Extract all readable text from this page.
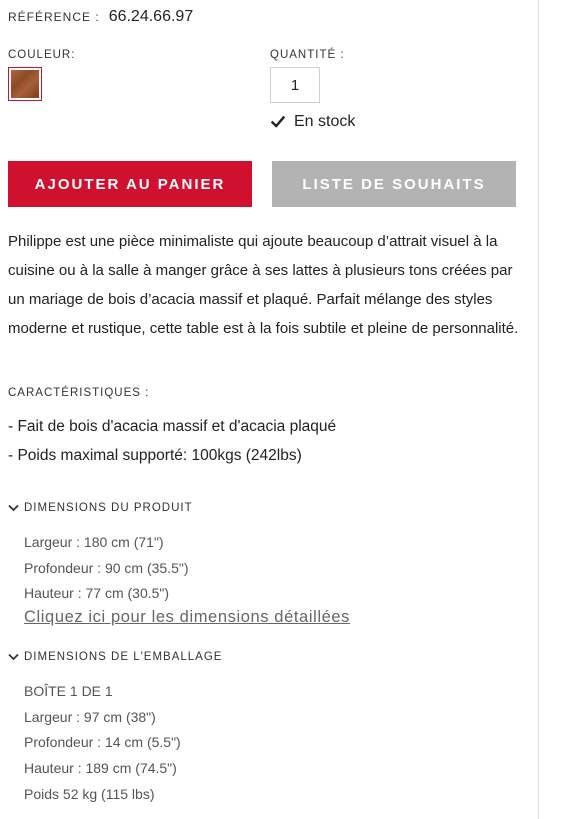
RÉFÉRENCE : 66.24.66.97
COULEUR:	QUANTITÉ :
1
En stock
AJOUTER AU PANIER	LISTE DE SOUHAITS
Philippe est une pièce minimaliste qui ajoute beaucoup d’attrait visuel à la cuisine ou à la salle à manger grâce à ses lattes à plusieurs tons créées par un mariage de bois d’acacia massif et plaqué. Parfait mélange des styles moderne et rustique, cette table est à la fois subtile et pleine de personnalité.
CARACTÉRISTIQUES :
- Fait de bois d'acacia massif et d'acacia plaqué
- Poids maximal supporté: 100kgs (242lbs)
DIMENSIONS DU PRODUIT
Largeur : 180 cm (71")
Profondeur : 90 cm (35.5")
Hauteur : 77 cm (30.5")
Cliquez ici pour les dimensions détaillées
DIMENSIONS DE L'EMBALLAGE
BOÎTE 1 DE 1
Largeur : 97 cm (38")
Profondeur : 14 cm (5.5")
Hauteur : 189 cm (74.5")
Poids 52 kg (115 lbs)
